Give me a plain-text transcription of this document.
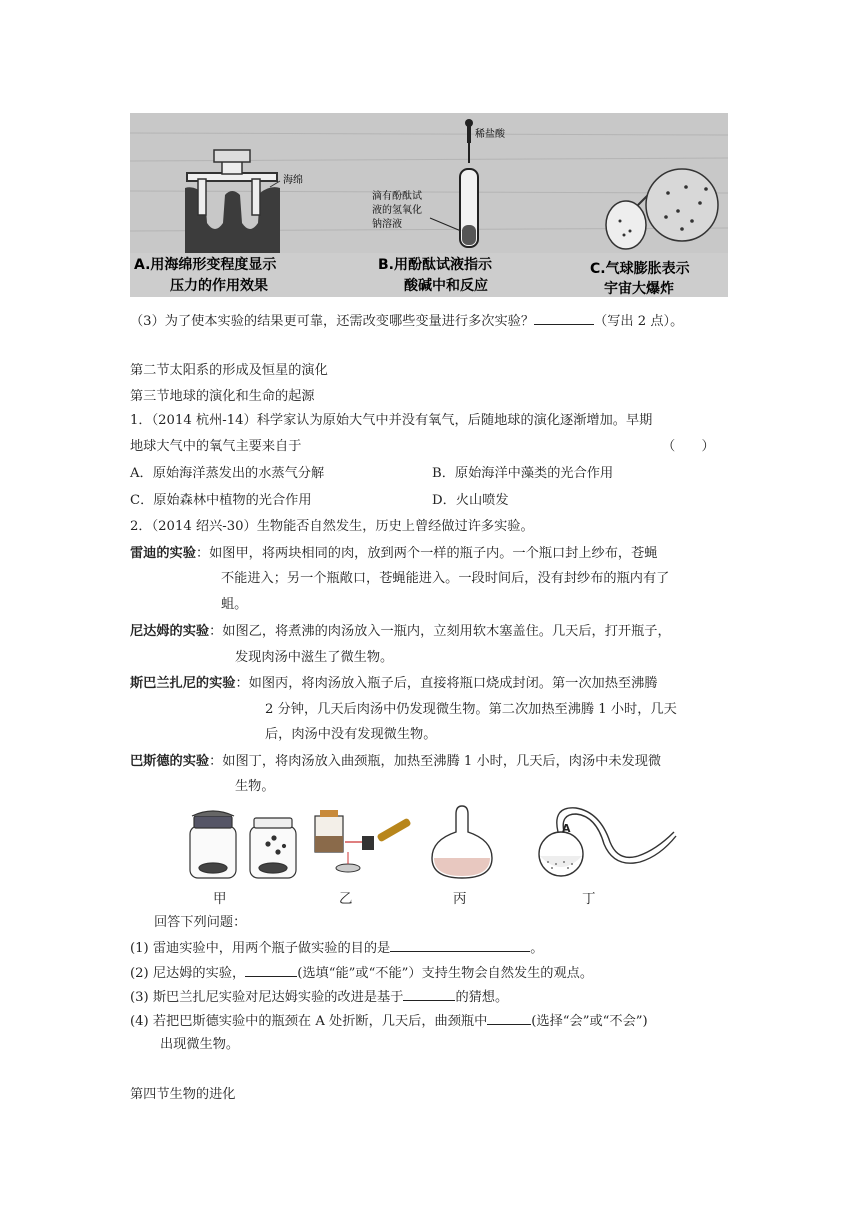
海绵
稀盐酸
滴有酚酞试
液的氢氧化
钠溶液
A.用海绵形变程度显示
压力的作用效果
B.用酚酞试液指示
酸碱中和反应
C.气球膨胀表示
宇宙大爆炸
（3）为了使本实验的结果更可靠，还需改变哪些变量进行多次实验？	（写出 2 点）。
第二节太阳系的形成及恒星的演化
第三节地球的演化和生命的起源
1．（2014 杭州-14）科学家认为原始大气中并没有氧气，后随地球的演化逐渐增加。早期
地球大气中的氧气主要来自于	（　　）
A．原始海洋蒸发出的水蒸气分解	B．原始海洋中藻类的光合作用
C．原始森林中植物的光合作用	D．火山喷发
2．（2014 绍兴-30）生物能否自然发生，历史上曾经做过许多实验。
雷迪的实验：如图甲，将两块相同的肉，放到两个一样的瓶子内。一个瓶口封上纱布，苍蝇
不能进入；另一个瓶敞口，苍蝇能进入。一段时间后，没有封纱布的瓶内有了
蛆。
尼达姆的实验：如图乙，将煮沸的肉汤放入一瓶内，立刻用软木塞盖住。几天后，打开瓶子，
发现肉汤中滋生了微生物。
斯巴兰扎尼的实验：如图丙，将肉汤放入瓶子后，直接将瓶口烧成封闭。第一次加热至沸腾
2 分钟，几天后肉汤中仍发现微生物。第二次加热至沸腾 1 小时，几天
后，肉汤中没有发现微生物。
巴斯德的实验：如图丁，将肉汤放入曲颈瓶，加热至沸腾 1 小时，几天后，肉汤中未发现微
生物。
A
甲	乙	丙	丁
回答下列问题：
(1) 雷迪实验中，用两个瓶子做实验的目的是	。
(2) 尼达姆的实验，	(选填“能”或“不能”）支持生物会自然发生的观点。
(3) 斯巴兰扎尼实验对尼达姆实验的改进是基于	的猜想。
(4) 若把巴斯德实验中的瓶颈在 A 处折断，几天后，曲颈瓶中	(选择“会”或“不会”)
出现微生物。
第四节生物的进化
